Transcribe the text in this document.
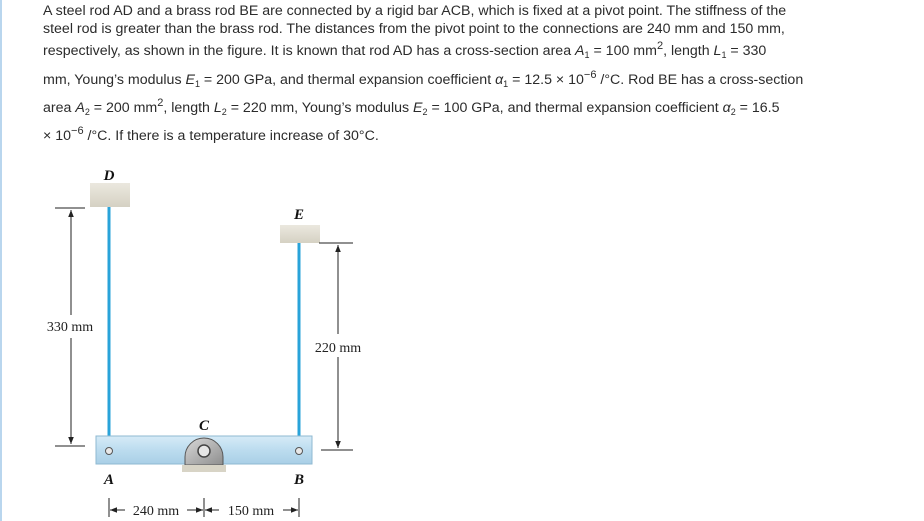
A steel rod AD and a brass rod BE are connected by a rigid bar ACB, which is fixed at a pivot point. The stiffness of the
steel rod is greater than the brass rod. The distances from the pivot point to the connections are 240 mm and 150 mm,
respectively, as shown in the figure. It is known that rod AD has a cross-section area $A_1 = 100$ $mm^2$, length $L_1 = 330$
mm, Young’s modulus $E_1 = 200$ GPa, and thermal expansion coefficient $\alpha_1 = 12.5 \times 10^{-6}$ /°C. Rod BE has a cross-section
area $A_2 = 200$ $mm^2$, length $L_2 = 220$ mm, Young’s modulus $E_2 = 100$ GPa, and thermal expansion coefficient $\alpha_2 = 16.5$
× $10^{-6}$ /°C. If there is a temperature increase of 30°C.
330 mm
220 mm
D
E
C
A	B
240 mm	150 mm
